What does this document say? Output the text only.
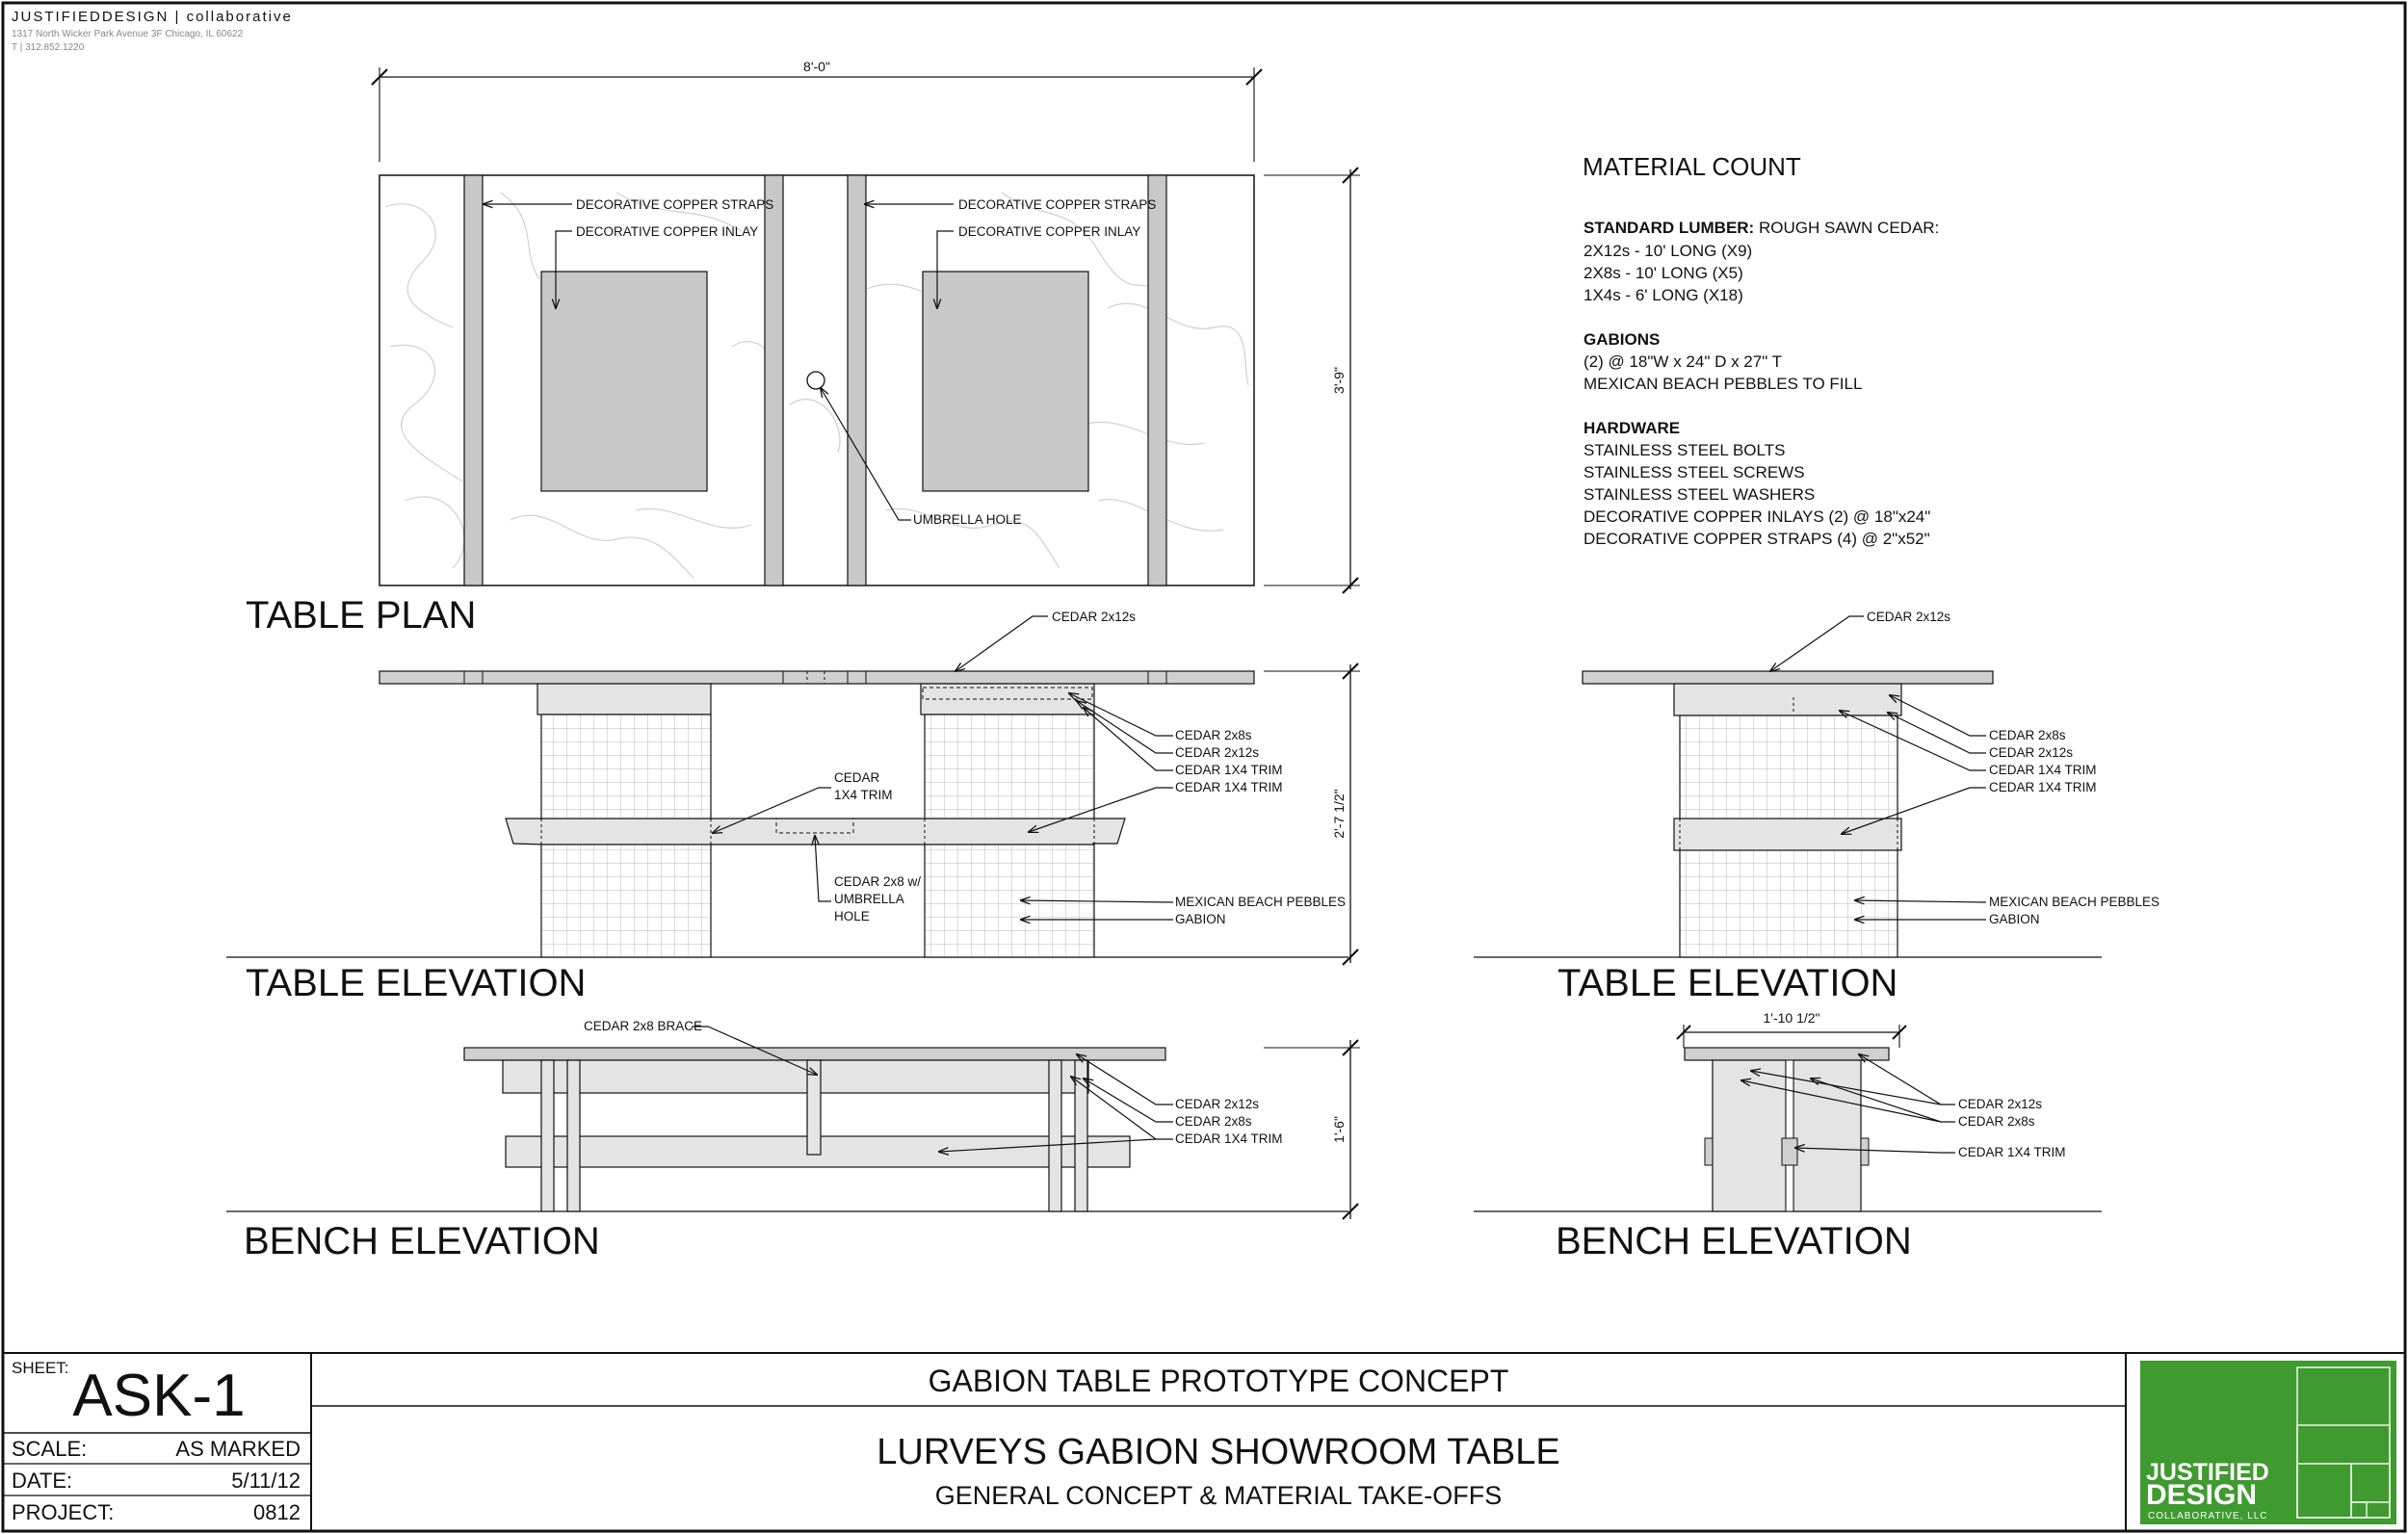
JUSTIFIEDDESIGN | collaborative
1317 North Wicker Park Avenue 3F Chicago, IL 60622
T | 312.852.1220
8'-0"
DECORATIVE COPPER STRAPS
DECORATIVE COPPER INLAY
DECORATIVE COPPER STRAPS
DECORATIVE COPPER INLAY
UMBRELLA HOLE
3'-9"
TABLE PLAN	CEDAR 2x12s
CEDAR 2x8s
CEDAR 2x12s
CEDAR 1X4 TRIM
CEDAR 1X4 TRIM
CEDAR
1X4 TRIM
CEDAR 2x8 w/
UMBRELLA
HOLE
MEXICAN BEACH PEBBLES
GABION
2'-7 1/2"
TABLE ELEVATION
CEDAR 2x12s
CEDAR 2x8s
CEDAR 2x12s
CEDAR 1X4 TRIM
CEDAR 1X4 TRIM
MEXICAN BEACH PEBBLES
GABION
TABLE ELEVATION
CEDAR 2x8 BRACE
CEDAR 2x12s
CEDAR 2x8s
CEDAR 1X4 TRIM	1'-6"
BENCH ELEVATION
1'-10 1/2"
CEDAR 2x12s
CEDAR 2x8s
CEDAR 1X4 TRIM
BENCH ELEVATION
MATERIAL COUNT
STANDARD LUMBER: ROUGH SAWN CEDAR:
2X12s - 10' LONG (X9)
2X8s - 10' LONG (X5)
1X4s - 6' LONG (X18)
GABIONS
(2) @ 18"W x 24" D x 27" T
MEXICAN BEACH PEBBLES TO FILL
HARDWARE
STAINLESS STEEL BOLTS
STAINLESS STEEL SCREWS
STAINLESS STEEL WASHERS
DECORATIVE COPPER INLAYS (2) @ 18"x24"
DECORATIVE COPPER STRAPS (4) @ 2"x52"
SHEET: ASK-1
SCALE:	AS MARKED
DATE:	5/11/12
PROJECT:	0812
GABION TABLE PROTOTYPE CONCEPT
LURVEYS GABION SHOWROOM TABLE
GENERAL CONCEPT & MATERIAL TAKE-OFFS
JUSTIFIED
DESIGN
COLLABORATIVE, LLC
